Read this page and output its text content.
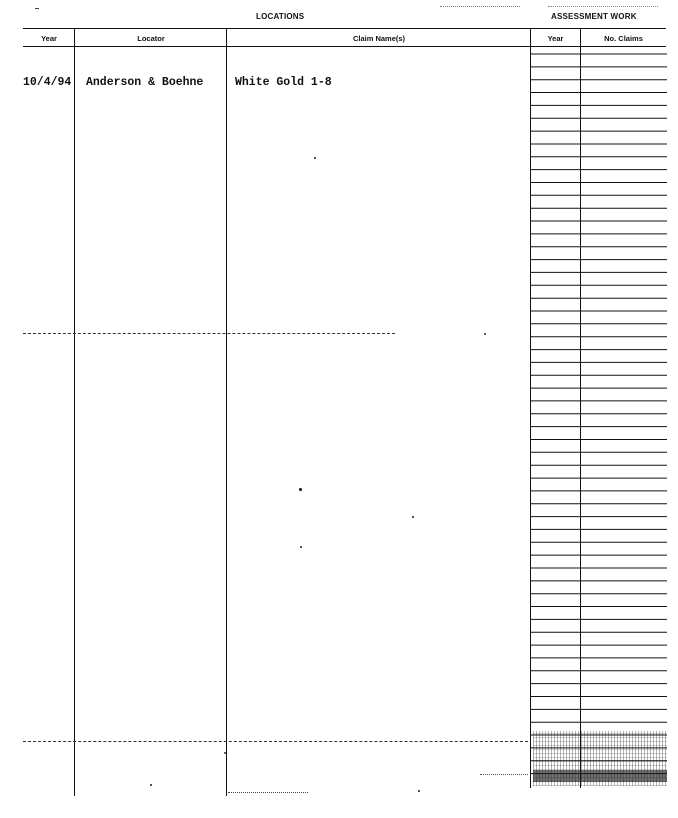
LOCATIONS	ASSESSMENT WORK
Year	Locator	Claim Name(s)	Year	No. Claims
10/4/94 Anderson & Boehne	White Gold 1-8
